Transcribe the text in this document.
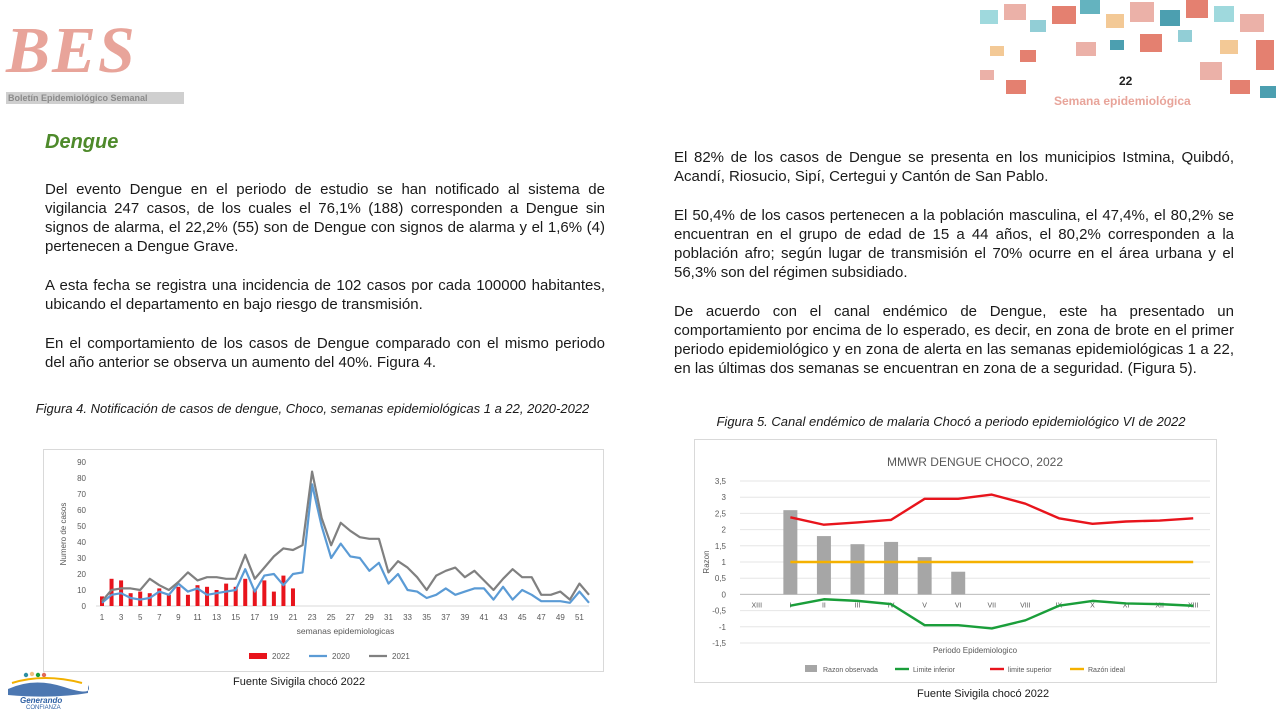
BES
Boletín Epidemiológico Semanal
22
Semana epidemiológica
Dengue
Del evento Dengue en el periodo de estudio se han notificado al sistema de vigilancia 247 casos, de los cuales el 76,1% (188) corresponden a Dengue sin signos de alarma, el 22,2% (55) son de Dengue con signos de alarma y el 1,6% (4) pertenecen a Dengue Grave.
A esta fecha se registra una incidencia de 102 casos por cada 100000 habitantes, ubicando el departamento en bajo riesgo de transmisión.
En el comportamiento de los casos de Dengue comparado con el mismo periodo del año anterior se observa un aumento del 40%. Figura 4.
Figura 4. Notificación de casos de dengue, Choco, semanas epidemiológicas 1 a 22, 2020-2022
0
10
20
30
40
50
60
70
80
90
1 3 5 7 9 11 13 15 17 19 21 23 25 27 29 31 33 35 37 39 41 43 45 47 49 51
semanas epidemiologicas
Numero de casos
2022	2020	2021
Fuente Sivigila chocó 2022
El 82% de los casos de Dengue se presenta en los municipios Istmina, Quibdó, Acandí, Riosucio, Sipí, Certegui y Cantón de San Pablo.
El 50,4% de los casos pertenecen a la población masculina, el 47,4%, el 80,2% se encuentran en el grupo de edad de 15 a 44 años, el 80,2% corresponden a la población afro; según lugar de transmisión el 70% ocurre en el área urbana y el 56,3% son del régimen subsidiado.
De acuerdo con el canal endémico de Dengue, este ha presentado un comportamiento por encima de lo esperado, es decir, en zona de brote en el primer periodo epidemiológico y en zona de alerta en las semanas epidemiológicas 1 a 22, en las últimas dos semanas se encuentran en zona de a seguridad. (Figura 5).
Figura 5. Canal endémico de malaria Chocó a periodo epidemiológico VI de 2022
MMWR DENGUE CHOCO, 2022
3,5
3
2,5
2
1,5
1
0,5
0
-0,5
-1
-1,5
XIII	I	II	III	IV	V	VI	VII	VIII	IX	X	XI	XII	XIII
Periodo Epidemiologico
Razon
Razon observada	Limite inferior	limite superior	Razón ideal
Fuente Sivigila chocó 2022
Generando
CONFIANZA
